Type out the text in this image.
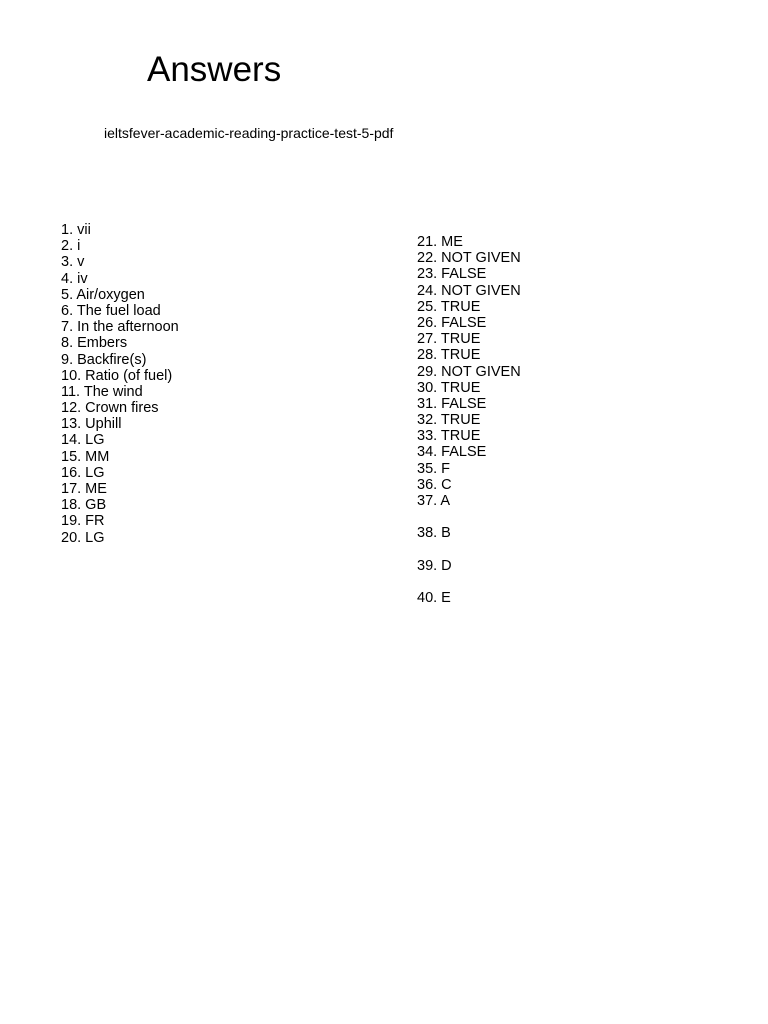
Answers
ieltsfever-academic-reading-practice-test-5-pdf
1. vii
2. i
3. v
4. iv
5. Air/oxygen
6. The fuel load
7. In the afternoon
8. Embers
9. Backfire(s)
10. Ratio (of fuel)
11. The wind
12. Crown fires
13. Uphill
14. LG
15. MM
16. LG
17. ME
18. GB
19. FR
20. LG
21. ME
22. NOT GIVEN
23. FALSE
24. NOT GIVEN
25. TRUE
26. FALSE
27. TRUE
28. TRUE
29. NOT GIVEN
30. TRUE
31. FALSE
32. TRUE
33. TRUE
34. FALSE
35. F
36. C
37. A
38. B
39. D
40. E
